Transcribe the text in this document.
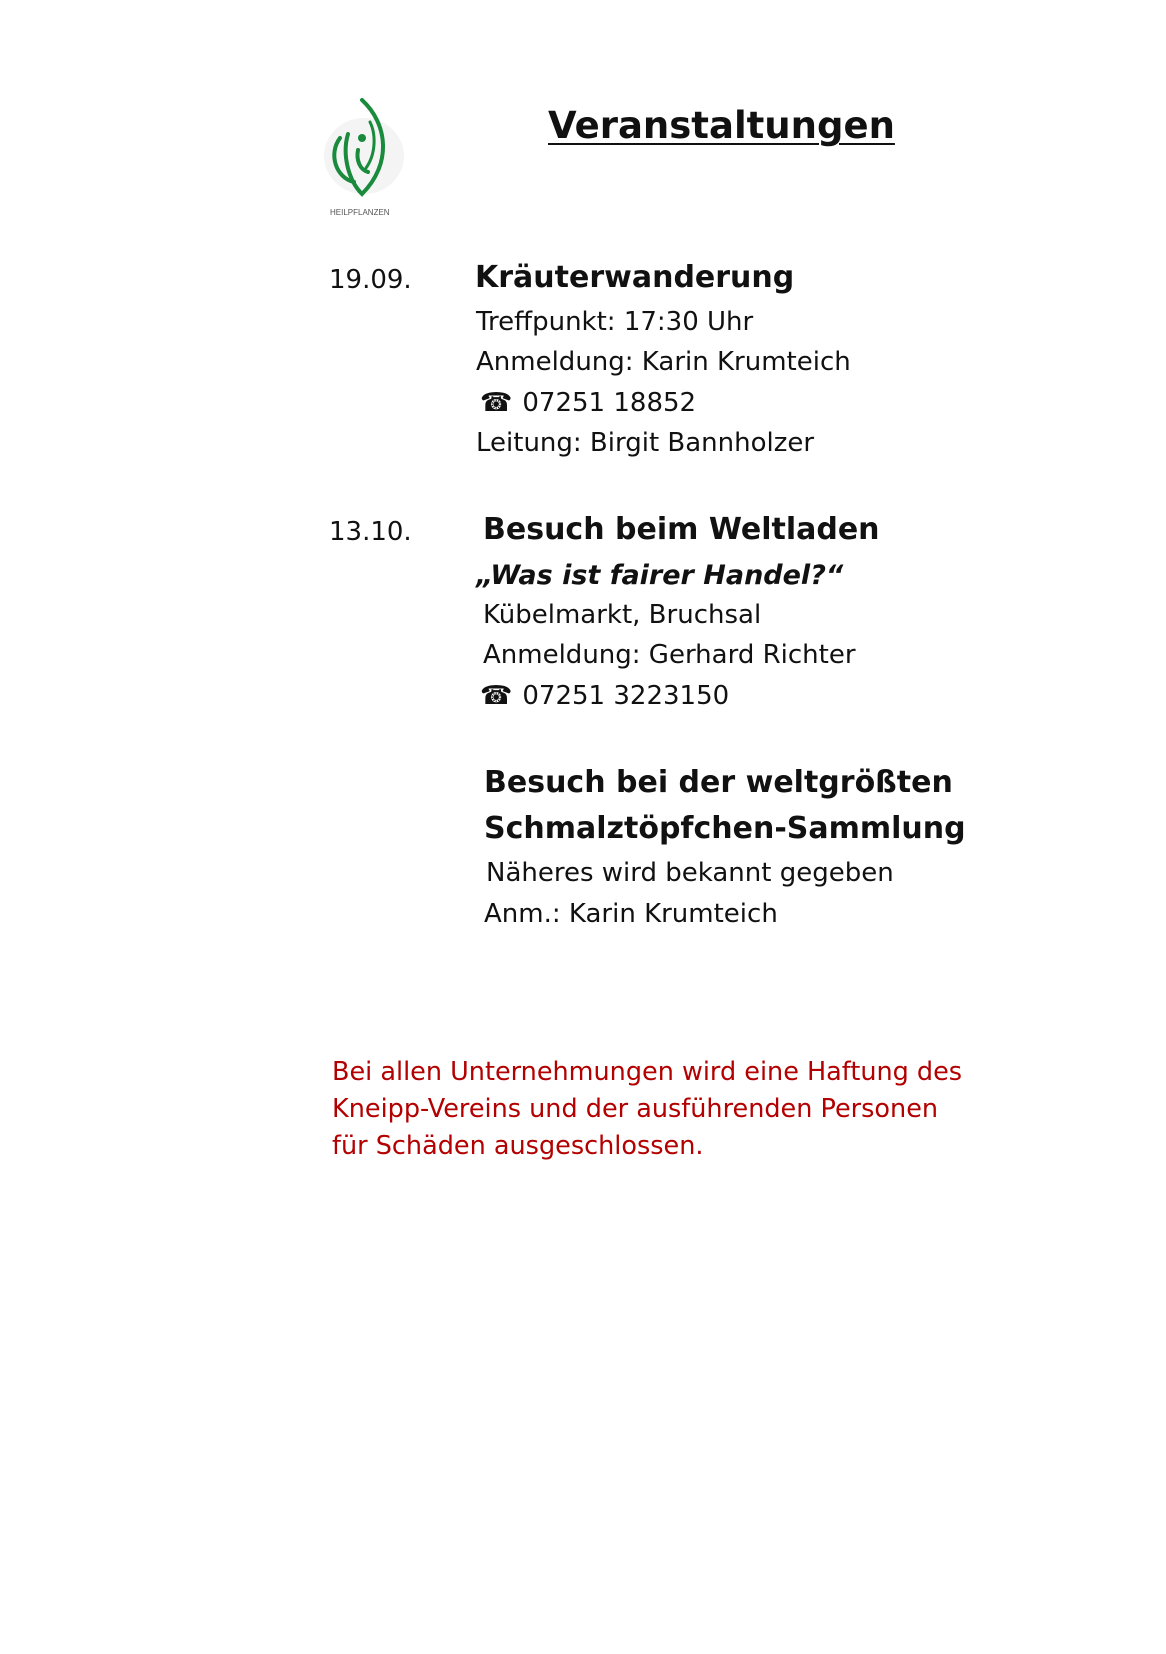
HEILPFLANZEN
Veranstaltungen
19.09. Kräuterwanderung
Treffpunkt: 17:30 Uhr
Anmeldung: Karin Krumteich
☎ 07251 18852
Leitung: Birgit Bannholzer
13.10. Besuch beim Weltladen
„Was ist fairer Handel?“
Kübelmarkt, Bruchsal
Anmeldung: Gerhard Richter
☎ 07251 3223150
Besuch bei der weltgrößten
Schmalztöpfchen-Sammlung
Näheres wird bekannt gegeben
Anm.: Karin Krumteich
Bei allen Unternehmungen wird eine Haftung des Kneipp-Vereins und der ausführenden Personen für Schäden ausgeschlossen.
